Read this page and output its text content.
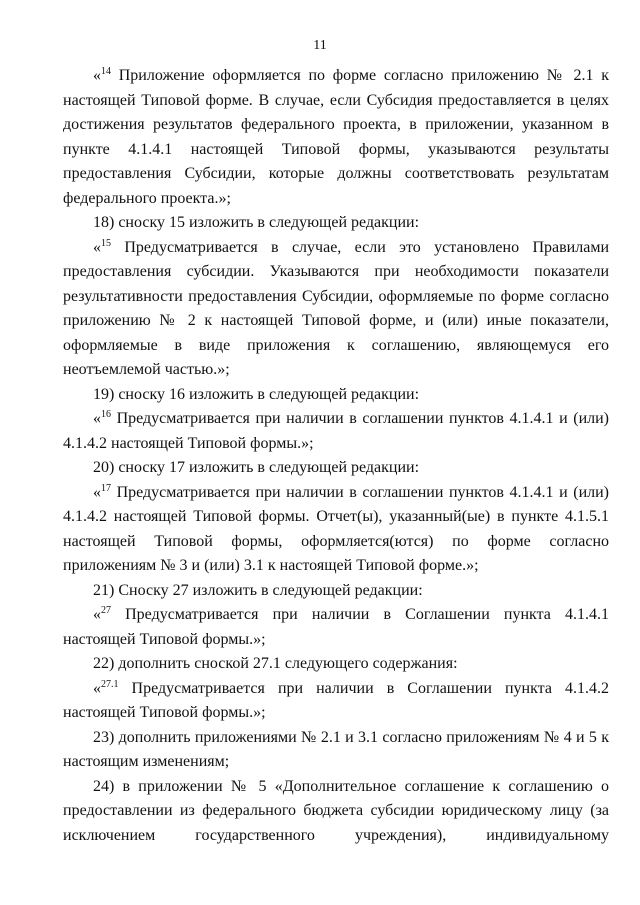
11

«$^{14}$ Приложение оформляется по форме согласно приложению № 2.1 к настоящей Типовой форме. В случае, если Субсидия предоставляется в целях достижения результатов федерального проекта, в приложении, указанном в пункте 4.1.4.1 настоящей Типовой формы, указываются результаты предоставления Субсидии, которые должны соответствовать результатам федерального проекта.»;

18) сноску 15 изложить в следующей редакции:

«$^{15}$ Предусматривается в случае, если это установлено Правилами предоставления субсидии. Указываются при необходимости показатели результативности предоставления Субсидии, оформляемые по форме согласно приложению № 2 к настоящей Типовой форме, и (или) иные показатели, оформляемые в виде приложения к соглашению, являющемуся его неотъемлемой частью.»;

19) сноску 16 изложить в следующей редакции:

«$^{16}$ Предусматривается при наличии в соглашении пунктов 4.1.4.1 и (или) 4.1.4.2 настоящей Типовой формы.»;

20) сноску 17 изложить в следующей редакции:

«$^{17}$ Предусматривается при наличии в соглашении пунктов 4.1.4.1 и (или) 4.1.4.2 настоящей Типовой формы. Отчет(ы), указанный(ые) в пункте 4.1.5.1 настоящей Типовой формы, оформляется(ются) по форме согласно приложениям № 3 и (или) 3.1 к настоящей Типовой форме.»;

21) Сноску 27 изложить в следующей редакции:

«$^{27}$ Предусматривается при наличии в Соглашении пункта 4.1.4.1 настоящей Типовой формы.»;

22) дополнить сноской 27.1 следующего содержания:

«$^{27.1}$ Предусматривается при наличии в Соглашении пункта 4.1.4.2 настоящей Типовой формы.»;

23) дополнить приложениями № 2.1 и 3.1 согласно приложениям № 4 и 5 к настоящим изменениям;

24) в приложении № 5 «Дополнительное соглашение к соглашению о предоставлении из федерального бюджета субсидии юридическому лицу (за исключением государственного учреждения), индивидуальному
